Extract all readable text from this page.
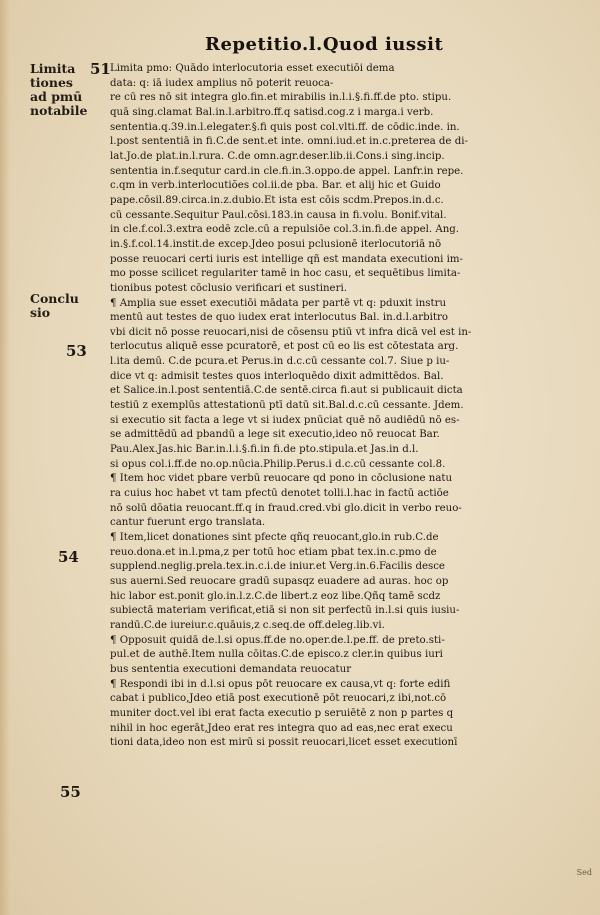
Repetitio.l.Quod iussit
Limita
tiones
ad pmū
notabile
Conclu
sio
51
53
54
55
Limita pmo: Quādo interlocutoria esset executiōi dema
data: q: iā iudex amplius nō poterit reuoca-
re cū res nō sit integra glo.fin.et mirabilis in.l.i.§.fi.ff.de pto. stipu.
quā sing.clamat Bal.in.l.arbitro.ff.q satisd.cog.z i marga.i verb.
sententia.q.39.in.l.elegater.§.fi quis post col.vlti.ff. de cōdic.inde. in.
l.post sententiā in fi.C.de sent.et inte. omni.iud.et in.c.preterea de di-
lat.Jo.de plat.in.l.rura. C.de omn.agr.deser.lib.ii.Cons.i sing.incip.
sententia in.f.sequtur card.in cle.fi.in.3.oppo.de appel. Lanfr.in repe.
c.qm in verb.interlocutiões col.ii.de pba. Bar. et alij hic et Guido
pape.cōsil.89.circa.in.z.dubio.Et ista est cōis scdm.Prepos.in.d.c.
cū cessante.Sequitur Paul.cōsi.183.in causa in fi.volu. Bonif.vital.
in cle.f.col.3.extra eodē zcle.cū a repulsiōe col.3.in.fi.de appel. Ang.
in.§.f.col.14.instit.de excep.Jdeo posui pclusionē iterlocutoriā nō
posse reuocari certi iuris est intellige qñ est mandata executioni im-
mo posse scilicet regulariter tamē in hoc casu, et sequētibus limita-
tionibus potest cōclusio verificari et sustineri.
¶ Amplia sue esset executiōi mādata per partē vt q: pduxit instru
mentū aut testes de quo iudex erat interlocutus Bal. in.d.l.arbitro
vbi dicit nō posse reuocari,nisi de cōsensu ptiū vt infra dicā vel est in-
terlocutus aliquē esse pcuratorē, et post cū eo lis est cōtestata arg.
l.ita demū. C.de pcura.et Perus.in d.c.cū cessante col.7. Siue p iu-
dice vt q: admisit testes quos interloquēdo dixit admittēdos. Bal.
et Salice.in.l.post sententiā.C.de sentē.circa fi.aut si publicauit dicta
testiū z exemplūs attestationū ptī datū sit.Bal.d.c.cū cessante. Jdem.
si executio sit facta a lege vt si iudex pnūciat quē nō audiēdū nō es-
se admittēdū ad pbandū a lege sit executio,ideo nō reuocat Bar.
Pau.Alex.Jas.hic Bar.in.l.i.§.fi.in fi.de pto.stipula.et Jas.in d.l.
si opus col.i.ff.de no.op.nūcia.Philip.Perus.i d.c.cū cessante col.8.
¶ Item hoc videt pbare verbū reuocare qd pono in cōclusione natu
ra cuius hoc habet vt tam pfectū denotet tolli.l.hac in factū actiōe
nō solū dōatia reuocant.ff.q in fraud.cred.vbi glo.dicit in verbo reuo-
cantur fuerunt ergo translata.
¶ Item,licet donationes sint pfecte qñq reuocant,glo.in rub.C.de
reuo.dona.et in.l.pma,z per totū hoc etiam pbat tex.in.c.pmo de
supplend.neglig.prela.tex.in.c.i.de iniur.et Verg.in.6.Facilis desce
sus auerni.Sed reuocare gradū supasqz euadere ad auras. hoc op
hic labor est.ponit glo.in.l.z.C.de libert.z eoz libe.Qñq tamē scdz
subiectā materiam verificat,etiā si non sit perfectū in.l.si quis iusiu-
randū.C.de iureiur.c.quāuis,z c.seq.de off.deleg.lib.vi.
¶ Opposuit quidā de.l.si opus.ff.de no.oper.de.l.pe.ff. de preto.sti-
pul.et de authē.Item nulla cōitas.C.de episco.z cler.in quibus iuri
bus sententia executioni demandata reuocatur
¶ Respondi ibi in d.l.si opus pōt reuocare ex causa,vt q: forte edifi
cabat i publico,Jdeo etiā post executionē pōt reuocari,z ibi,not.cō
muniter doct.vel ibi erat facta executio p seruiētē z non p partes q
nihil in hoc egerāt,Jdeo erat res integra quo ad eas,nec erat execu
tioni data,ideo non est mirū si possit reuocari,licet esset executionī
Sed
